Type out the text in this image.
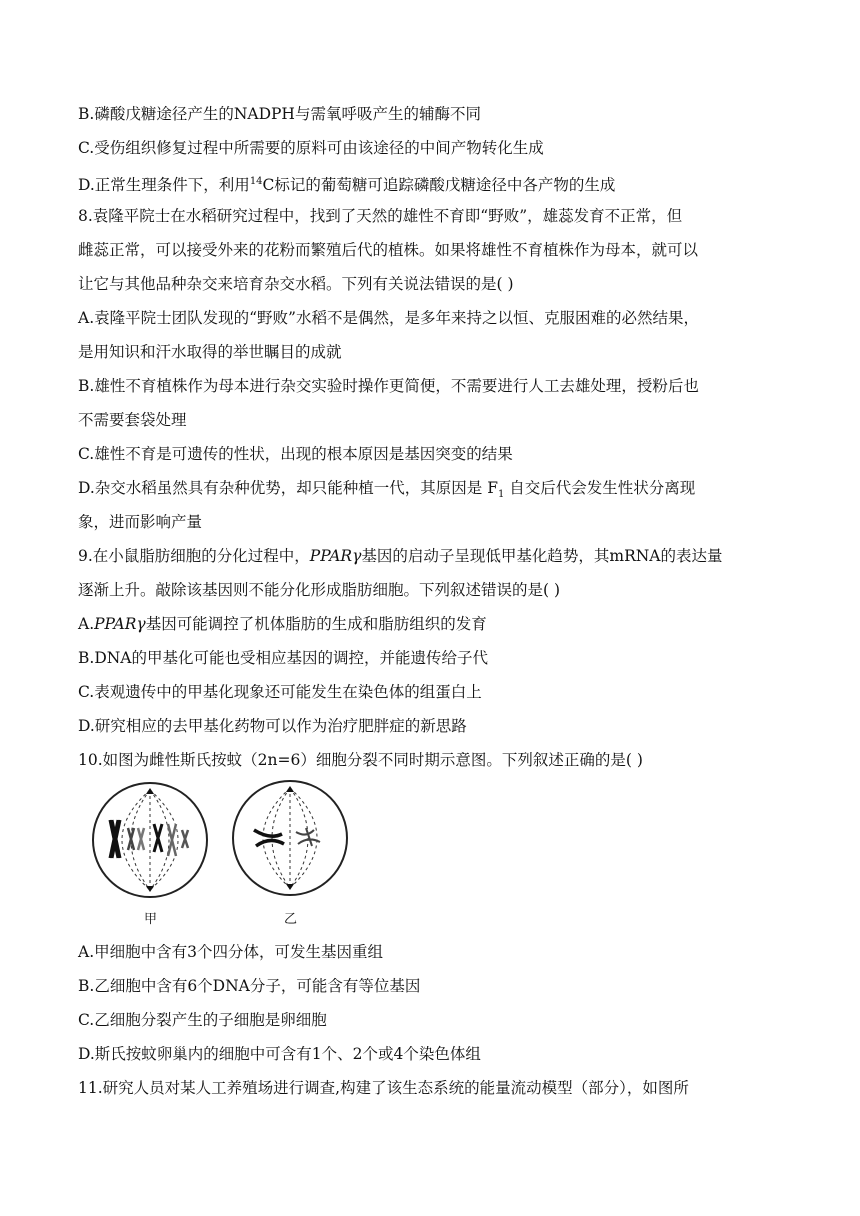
B.磷酸戊糖途径产生的NADPH与需氧呼吸产生的辅酶不同
C.受伤组织修复过程中所需要的原料可由该途径的中间产物转化生成
D.正常生理条件下，利用$^{14}$C标记的葡萄糖可追踪磷酸戊糖途径中各产物的生成
8.袁隆平院士在水稻研究过程中，找到了天然的雄性不育即“野败”，雄蕊发育不正常，但
雌蕊正常，可以接受外来的花粉而繁殖后代的植株。如果将雄性不育植株作为母本，就可以
让它与其他品种杂交来培育杂交水稻。下列有关说法错误的是( )
A.袁隆平院士团队发现的“野败”水稻不是偶然，是多年来持之以恒、克服困难的必然结果，
是用知识和汗水取得的举世瞩目的成就
B.雄性不育植株作为母本进行杂交实验时操作更简便，不需要进行人工去雄处理，授粉后也
不需要套袋处理
C.雄性不育是可遗传的性状，出现的根本原因是基因突变的结果
D.杂交水稻虽然具有杂种优势，却只能种植一代，其原因是 $F_1$ 自交后代会发生性状分离现
象，进而影响产量
9.在小鼠脂肪细胞的分化过程中，PPARγ基因的启动子呈现低甲基化趋势，其mRNA的表达量
逐渐上升。敲除该基因则不能分化形成脂肪细胞。下列叙述错误的是( )
A.PPARγ基因可能调控了机体脂肪的生成和脂肪组织的发育
B.DNA的甲基化可能也受相应基因的调控，并能遗传给子代
C.表观遗传中的甲基化现象还可能发生在染色体的组蛋白上
D.研究相应的去甲基化药物可以作为治疗肥胖症的新思路
10.如图为雌性斯氏按蚊（2n=6）细胞分裂不同时期示意图。下列叙述正确的是( )
甲	乙
A.甲细胞中含有3个四分体，可发生基因重组
B.乙细胞中含有6个DNA分子，可能含有等位基因
C.乙细胞分裂产生的子细胞是卵细胞
D.斯氏按蚊卵巢内的细胞中可含有1个、2个或4个染色体组
11.研究人员对某人工养殖场进行调查,构建了该生态系统的能量流动模型（部分），如图所
